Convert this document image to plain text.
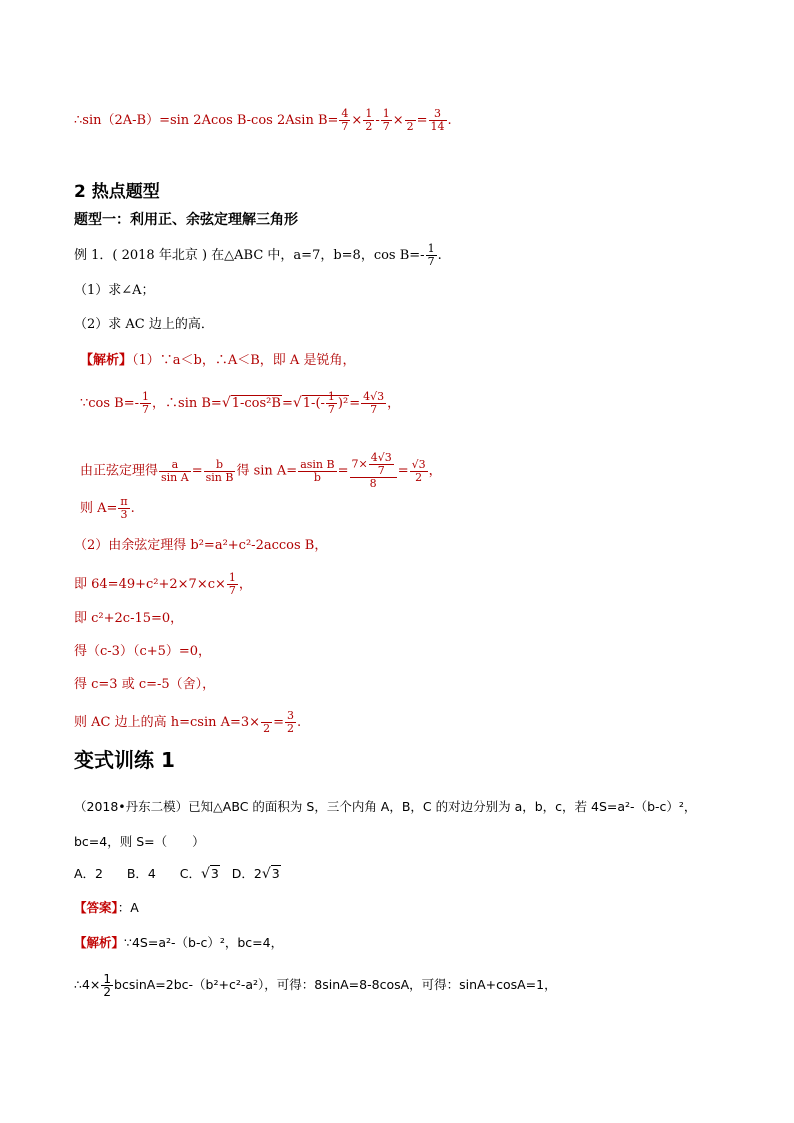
∴sin（2A-B）=sin 2Acos B-cos 2Asin $B= \frac{4}{7} \times \frac{1}{2} - \frac{1}{7}$ ×
$2 = \frac{3}{14}$ .
2 热点题型
题型一：利用正、余弦定理解三角形
例 1．( 2018 年北京 ) 在△ABC 中，a=7，b=8，$\cos B=- \frac{1}{7}$ .
（1）求∠A；
（2）求 AC 边上的高．
【解析】（1）∵a＜b，∴A＜B，即 A 是锐角，
∵cos $B=- \frac{1}{7}$ ，∴sin $B=√1-\cos^2B=√1-(- \frac{1}{7} )^2= \frac{4√3}{7}$ ，
由正弦定理得 $\frac{a}{\text{sin A}} = \frac{b}{\text{sin B}}$ 得 $\sin A= \frac{\text{asin B}}{b} = \frac{7\times \frac{4√3}{7}}{8} = \frac{√3}{2}$ ，
则 $A= \frac{\pi}{3}$ .
（2）由余弦定理得 b²=a²+c²-2accos B，
即 $64=49+c^2+2\times 7\times c\times \frac{1}{7}$ ，
即 c²+2c-15=0，
得（c-3）（c+5）=0，
得 c=3 或 c=-5（舍），
则 AC 边上的高 h=csin A=3×
$2 = \frac{3}{2}$ .
变式训练 1
（2018•丹东二模）已知△ABC 的面积为 S，三个内角 A，B，C 的对边分别为 a，b，c，若 4S=a²-（b-c）²，
bc=4，则 S=（　　）
A．2 B．4 C．√3 D．2√3
【答案】：A
【解析】∵4S=a²-（b-c）²，bc=4，
∴4× $\frac{1}{2} bcsinA=2bc-(b^2+c^2-a^2)$，可得：8sinA=8-8cosA，可得：sinA+cosA=1，
